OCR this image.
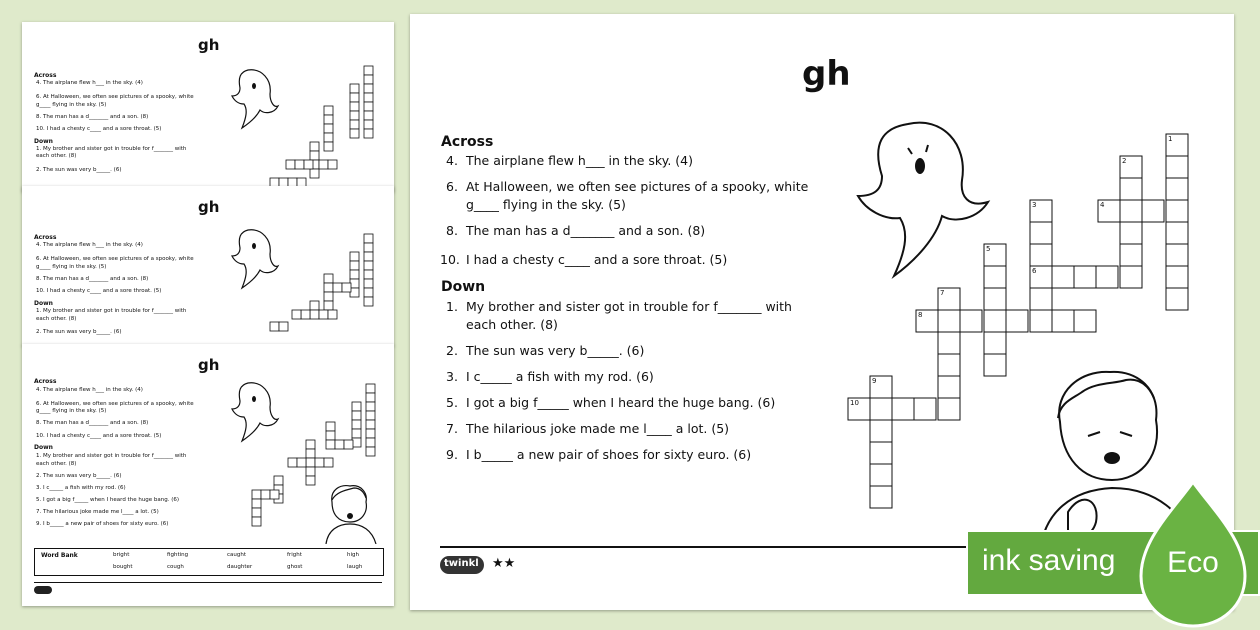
gh
Across
4. The airplane flew h___ in the sky. (4)
6. At Halloween, we often see pictures of a spooky, white
g____ flying in the sky. (5)
8. The man has a d_______ and a son. (8)
10. I had a chesty c____ and a sore throat. (5)
Down
1. My brother and sister got in trouble for f_______ with
each other. (8)
2. The sun was very b_____. (6)
gh
Across
4. The airplane flew h___ in the sky. (4)
6. At Halloween, we often see pictures of a spooky, white
g____ flying in the sky. (5)
8. The man has a d_______ and a son. (8)
10. I had a chesty c____ and a sore throat. (5)
Down
1. My brother and sister got in trouble for f_______ with
each other. (8)
2. The sun was very b_____. (6)
gh
Across
4. The airplane flew h___ in the sky. (4)
6. At Halloween, we often see pictures of a spooky, white
g____ flying in the sky. (5)
8. The man has a d_______ and a son. (8)
10. I had a chesty c____ and a sore throat. (5)
Down
1. My brother and sister got in trouble for f_______ with
each other. (8)
2. The sun was very b_____. (6)
3. I c_____ a fish with my rod. (6)
5. I got a big f_____ when I heard the huge bang. (6)
7. The hilarious joke made me l____ a lot. (5)
9. I b_____ a new pair of shoes for sixty euro. (6)
Word Bank	bright	fighting	caught	fright	high
bought	cough	daughter	ghost	laugh
gh
Across
4. The airplane flew h___ in the sky. (4)
6. At Halloween, we often see pictures of a spooky, white
g____ flying in the sky. (5)
8. The man has a d_______ and a son. (8)
10. I had a chesty c____ and a sore throat. (5)
Down
1. My brother and sister got in trouble for f_______ with
each other. (8)
2. The sun was very b_____. (6)
3. I c_____ a fish with my rod. (6)
5. I got a big f_____ when I heard the huge bang. (6)
7. The hilarious joke made me l____ a lot. (5)
9. I b_____ a new pair of shoes for sixty euro. (6)
1
2
3	4
5
6
7
8
9
10
twinkl ★★	ink saving Eco
